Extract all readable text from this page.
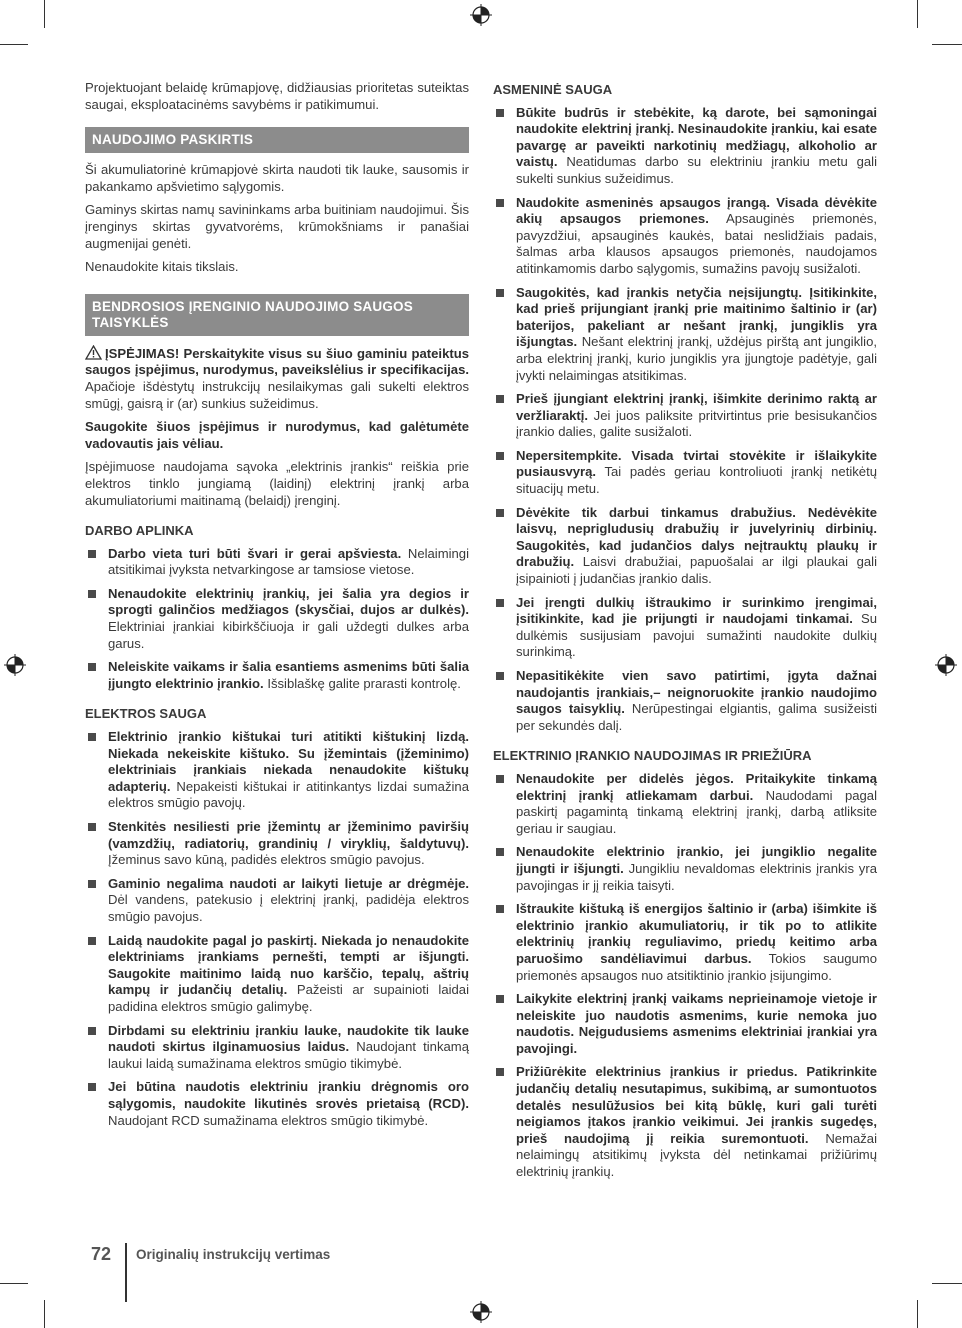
Projektuojant belaidę krūmapjovę, didžiausias prioritetas suteiktas saugai, eksploatacinėms savybėms ir patikimumui.

NAUDOJIMO PASKIRTIS

Ši akumuliatorinė krūmapjovė skirta naudoti tik lauke, sausomis ir pakankamo apšvietimo sąlygomis.

Gaminys skirtas namų savininkams arba buitiniam naudojimui. Šis įrenginys skirtas gyvatvorėms, krūmokšniams ir panašiai augmenijai genėti.

Nenaudokite kitais tikslais.

BENDROSIOS ĮRENGINIO NAUDOJIMO SAUGOS TAISYKLĖS

ĮSPĖJIMAS! Perskaitykite visus su šiuo gaminiu pateiktus saugos įspėjimus, nurodymus, paveikslėlius ir specifikacijas. Apačioje išdėstytų instrukcijų nesilaikymas gali sukelti elektros smūgį, gaisrą ir (ar) sunkius sužeidimus.

Saugokite šiuos įspėjimus ir nurodymus, kad galėtumėte vadovautis jais vėliau.

Įspėjimuose naudojama sąvoka „elektrinis įrankis“ reiškia prie elektros tinklo jungiamą (laidinį) elektrinį įrankį arba akumuliatoriumi maitinamą (belaidį) įrenginį.

DARBO APLINKA
Darbo vieta turi būti švari ir gerai apšviesta. Nelaimingi atsitikimai įvyksta netvarkingose ar tamsiose vietose.
Nenaudokite elektrinių įrankių, jei šalia yra degios ir sprogti galinčios medžiagos (skysčiai, dujos ar dulkės). Elektriniai įrankiai kibirkščiuoja ir gali uždegti dulkes arba garus.
Neleiskite vaikams ir šalia esantiems asmenims būti šalia įjungto elektrinio įrankio. Išsiblaškę galite prarasti kontrolę.
ELEKTROS SAUGA
Elektrinio įrankio kištukai turi atitikti kištukinį lizdą. Niekada nekeiskite kištuko. Su įžemintais (įžeminimo) elektriniais įrankiais niekada nenaudokite kištukų adapterių. Nepakeisti kištukai ir atitinkantys lizdai sumažina elektros smūgio pavojų.
Stenkitės nesiliesti prie įžemintų ar įžeminimo paviršių (vamzdžių, radiatorių, grandinių / viryklių, šaldytuvų). Įžeminus savo kūną, padidės elektros smūgio pavojus.
Gaminio negalima naudoti ar laikyti lietuje ar drėgmėje. Dėl vandens, patekusio į elektrinį įrankį, padidėja elektros smūgio pavojus.
Laidą naudokite pagal jo paskirtį. Niekada jo nenaudokite elektriniams įrankiams pernešti, tempti ar išjungti. Saugokite maitinimo laidą nuo karščio, tepalų, aštrių kampų ir judančių detalių. Pažeisti ar supainioti laidai padidina elektros smūgio galimybę.
Dirbdami su elektriniu įrankiu lauke, naudokite tik lauke naudoti skirtus ilginamuosius laidus. Naudojant tinkamą laukui laidą sumažinama elektros smūgio tikimybė.
Jei būtina naudotis elektriniu įrankiu drėgnomis oro sąlygomis, naudokite likutinės srovės prietaisą (RCD). Naudojant RCD sumažinama elektros smūgio tikimybė.
ASMENINĖ SAUGA
Būkite budrūs ir stebėkite, ką darote, bei sąmoningai naudokite elektrinį įrankį. Nesinaudokite įrankiu, kai esate pavargę ar paveikti narkotinių medžiagų, alkoholio ar vaistų. Neatidumas darbo su elektriniu įrankiu metu gali sukelti sunkius sužeidimus.
Naudokite asmeninės apsaugos įrangą. Visada dėvėkite akių apsaugos priemones. Apsauginės priemonės, pavyzdžiui, apsauginės kaukės, batai neslidžiais padais, šalmas arba klausos apsaugos priemonės, naudojamos atitinkamomis darbo sąlygomis, sumažins pavojų susižaloti.
Saugokitės, kad įrankis netyčia neįsijungtų. Įsitikinkite, kad prieš prijungiant įrankį prie maitinimo šaltinio ir (ar) baterijos, pakeliant ar nešant įrankį, jungiklis yra išjungtas. Nešant elektrinį įrankį, uždėjus pirštą ant jungiklio, arba elektrinį įrankį, kurio jungiklis yra įjungtoje padėtyje, gali įvykti nelaimingas atsitikimas.
Prieš įjungiant elektrinį įrankį, išimkite derinimo raktą ar veržliaraktį. Jei juos paliksite pritvirtintus prie besisukančios įrankio dalies, galite susižaloti.
Nepersitempkite. Visada tvirtai stovėkite ir išlaikykite pusiausvyrą. Tai padės geriau kontroliuoti įrankį netikėtų situacijų metu.
Dėvėkite tik darbui tinkamus drabužius. Nedėvėkite laisvų, neprigludusių drabužių ir juvelyrinių dirbinių. Saugokitės, kad judančios dalys neįtrauktų plaukų ir drabužių. Laisvi drabužiai, papuošalai ar ilgi plaukai gali įsipainioti į judančias įrankio dalis.
Jei įrengti dulkių ištraukimo ir surinkimo įrengimai, įsitikinkite, kad jie prijungti ir naudojami tinkamai. Su dulkėmis susijusiam pavojui sumažinti naudokite dulkių surinkimą.
Nepasitikėkite vien savo patirtimi, įgyta dažnai naudojantis įrankiais,– neignoruokite įrankio naudojimo saugos taisyklių. Nerūpestingai elgiantis, galima susižeisti per sekundės dalį.
ELEKTRINIO ĮRANKIO NAUDOJIMAS IR PRIEŽIŪRA
Nenaudokite per didelės jėgos. Pritaikykite tinkamą elektrinį įrankį atliekamam darbui. Naudodami pagal paskirtį pagamintą tinkamą elektrinį įrankį, darbą atliksite geriau ir saugiau.
Nenaudokite elektrinio įrankio, jei jungiklio negalite įjungti ir išjungti. Jungikliu nevaldomas elektrinis įrankis yra pavojingas ir jį reikia taisyti.
Ištraukite kištuką iš energijos šaltinio ir (arba) išimkite iš elektrinio įrankio akumuliatorių, ir tik po to atlikite elektrinių įrankių reguliavimo, priedų keitimo arba paruošimo sandėliavimui darbus. Tokios saugumo priemonės apsaugos nuo atsitiktinio įrankio įsijungimo.
Laikykite elektrinį įrankį vaikams neprieinamoje vietoje ir neleiskite juo naudotis asmenims, kurie nemoka juo naudotis. Neįgudusiems asmenims elektriniai įrankiai yra pavojingi.
Prižiūrėkite elektrinius įrankius ir priedus. Patikrinkite judančių detalių nesutapimus, sukibimą, ar sumontuotos detalės nesulūžusios bei kitą būklę, kuri gali turėti neigiamos įtakos įrankio veikimui. Jei įrankis sugedęs, prieš naudojimą jį reikia suremontuoti. Nemažai nelaimingų atsitikimų įvyksta dėl netinkamai prižiūrimų elektrinių įrankių.
72 Originalių instrukcijų vertimas
